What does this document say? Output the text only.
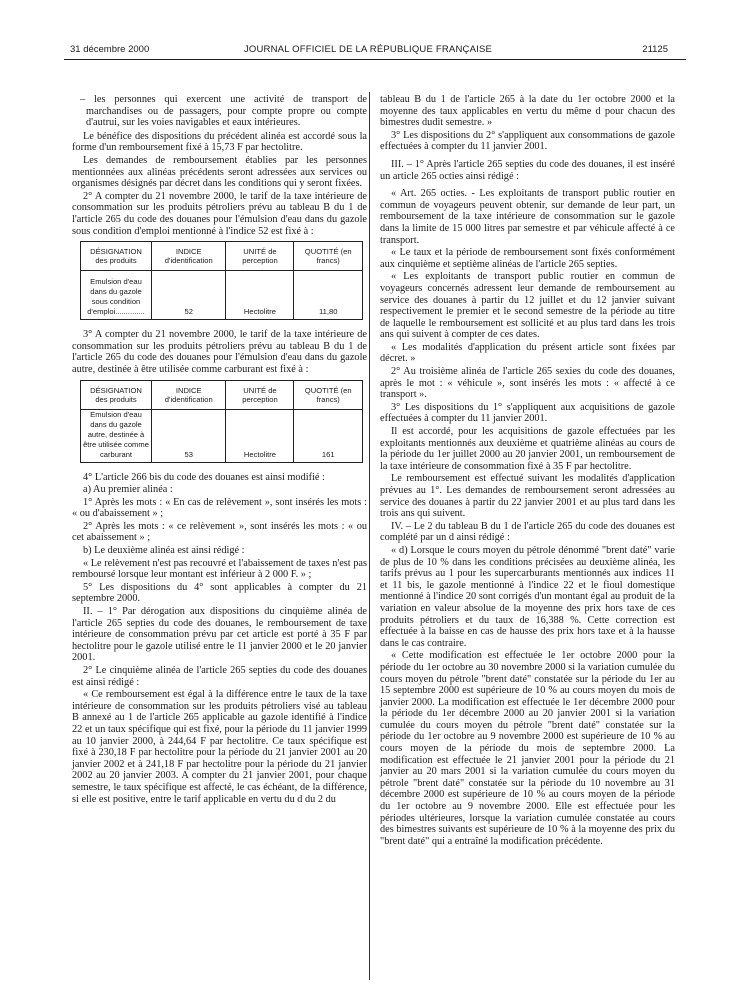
31 décembre 2000	JOURNAL OFFICIEL DE LA RÉPUBLIQUE FRANÇAISE	21125

– les personnes qui exercent une activité de transport de marchandises ou de passagers, pour compte propre ou compte d'autrui, sur les voies navigables et eaux intérieures.

Le bénéfice des dispositions du précédent alinéa est accordé sous la forme d'un remboursement fixé à 15,73 F par hectolitre.

Les demandes de remboursement établies par les personnes mentionnées aux alinéas précédents seront adressées aux services ou organismes désignés par décret dans les conditions qui y seront fixées.

2° A compter du 21 novembre 2000, le tarif de la taxe intérieure de consommation sur les produits pétroliers prévu au tableau B du 1 de l'article 265 du code des douanes pour l'émulsion d'eau dans du gazole sous condition d'emploi mentionné à l'indice 52 est fixé à :

DÉSIGNATION des produits	INDICE d'identification	UNITÉ de perception	QUOTITÉ (en francs)
Emulsion d'eau dans du gazole sous condition d'emploi..............	52	Hectolitre	11,80

3° A compter du 21 novembre 2000, le tarif de la taxe intérieure de consommation sur les produits pétroliers prévu au tableau B du 1 de l'article 265 du code des douanes pour l'émulsion d'eau dans du gazole autre, destinée à être utilisée comme carburant est fixé à :

DÉSIGNATION des produits	INDICE d'identification	UNITÉ de perception	QUOTITÉ (en francs)
Emulsion d'eau dans du gazole autre, destinée à être utilisée comme carburant	53	Hectolitre	161

4° L'article 266 bis du code des douanes est ainsi modifié :

a) Au premier alinéa :

1° Après les mots : « En cas de relèvement », sont insérés les mots : « ou d'abaissement » ;

2° Après les mots : « ce relèvement », sont insérés les mots : « ou cet abaissement » ;

b) Le deuxième alinéa est ainsi rédigé :

« Le relèvement n'est pas recouvré et l'abaissement de taxes n'est pas remboursé lorsque leur montant est inférieur à 2 000 F. » ;

5° Les dispositions du 4° sont applicables à compter du 21 septembre 2000.

II. – 1° Par dérogation aux dispositions du cinquième alinéa de l'article 265 septies du code des douanes, le remboursement de taxe intérieure de consommation prévu par cet article est porté à 35 F par hectolitre pour le gazole utilisé entre le 11 janvier 2000 et le 20 janvier 2001.

2° Le cinquième alinéa de l'article 265 septies du code des douanes est ainsi rédigé :

« Ce remboursement est égal à la différence entre le taux de la taxe intérieure de consommation sur les produits pétroliers visé au tableau B annexé au 1 de l'article 265 applicable au gazole identifié à l'indice 22 et un taux spécifique qui est fixé, pour la période du 11 janvier 1999 au 10 janvier 2000, à 244,64 F par hectolitre. Ce taux spécifique est fixé à 230,18 F par hectolitre pour la période du 21 janvier 2001 au 20 janvier 2002 et à 241,18 F par hectolitre pour la période du 21 janvier 2002 au 20 janvier 2003. A compter du 21 janvier 2001, pour chaque semestre, le taux spécifique est affecté, le cas échéant, de la différence, si elle est positive, entre le tarif applicable en vertu du d du 2 du

tableau B du 1 de l'article 265 à la date du 1er octobre 2000 et la moyenne des taux applicables en vertu du même d pour chacun des bimestres dudit semestre. »

3° Les dispositions du 2° s'appliquent aux consommations de gazole effectuées à compter du 11 janvier 2001.

III. – 1° Après l'article 265 septies du code des douanes, il est inséré un article 265 octies ainsi rédigé :

« Art. 265 octies. - Les exploitants de transport public routier en commun de voyageurs peuvent obtenir, sur demande de leur part, un remboursement de la taxe intérieure de consommation sur le gazole dans la limite de 15 000 litres par semestre et par véhicule affecté à ce transport.

« Le taux et la période de remboursement sont fixés conformément aux cinquième et septième alinéas de l'article 265 septies.

« Les exploitants de transport public routier en commun de voyageurs concernés adressent leur demande de remboursement au service des douanes à partir du 12 juillet et du 12 janvier suivant respectivement le premier et le second semestre de la période au titre de laquelle le remboursement est sollicité et au plus tard dans les trois ans qui suivent à compter de ces dates.

« Les modalités d'application du présent article sont fixées par décret. »

2° Au troisième alinéa de l'article 265 sexies du code des douanes, après le mot : « véhicule », sont insérés les mots : « affecté à ce transport ».

3° Les dispositions du 1° s'appliquent aux acquisitions de gazole effectuées à compter du 11 janvier 2001.

Il est accordé, pour les acquisitions de gazole effectuées par les exploitants mentionnés aux deuxième et quatrième alinéas au cours de la période du 1er juillet 2000 au 20 janvier 2001, un remboursement de la taxe intérieure de consommation fixé à 35 F par hectolitre.

Le remboursement est effectué suivant les modalités d'application prévues au 1°. Les demandes de remboursement seront adressées au service des douanes à partir du 22 janvier 2001 et au plus tard dans les trois ans qui suivent.

IV. – Le 2 du tableau B du 1 de l'article 265 du code des douanes est complété par un d ainsi rédigé :

« d) Lorsque le cours moyen du pétrole dénommé "brent daté" varie de plus de 10 % dans les conditions précisées au deuxième alinéa, les tarifs prévus au 1 pour les supercarburants mentionnés aux indices 11 et 11 bis, le gazole mentionné à l'indice 22 et le fioul domestique mentionné à l'indice 20 sont corrigés d'un montant égal au produit de la variation en valeur absolue de la moyenne des prix hors taxe de ces produits pétroliers et du taux de 16,388 %. Cette correction est effectuée à la baisse en cas de hausse des prix hors taxe et à la hausse dans le cas contraire.

« Cette modification est effectuée le 1er octobre 2000 pour la période du 1er octobre au 30 novembre 2000 si la variation cumulée du cours moyen du pétrole "brent daté" constatée sur la période du 1er au 15 septembre 2000 est supérieure de 10 % au cours moyen du mois de janvier 2000. La modification est effectuée le 1er décembre 2000 pour la période du 1er décembre 2000 au 20 janvier 2001 si la variation cumulée du cours moyen du pétrole "brent daté" constatée sur la période du 1er octobre au 9 novembre 2000 est supérieure de 10 % au cours moyen de la période du mois de septembre 2000. La modification est effectuée le 21 janvier 2001 pour la période du 21 janvier au 20 mars 2001 si la variation cumulée du cours moyen du pétrole "brent daté" constatée sur la période du 10 novembre au 31 décembre 2000 est supérieure de 10 % au cours moyen de la période du 1er octobre au 9 novembre 2000. Elle est effectuée pour les périodes ultérieures, lorsque la variation cumulée constatée au cours des bimestres suivants est supérieure de 10 % à la moyenne des prix du "brent daté" qui a entraîné la modification précédente.
